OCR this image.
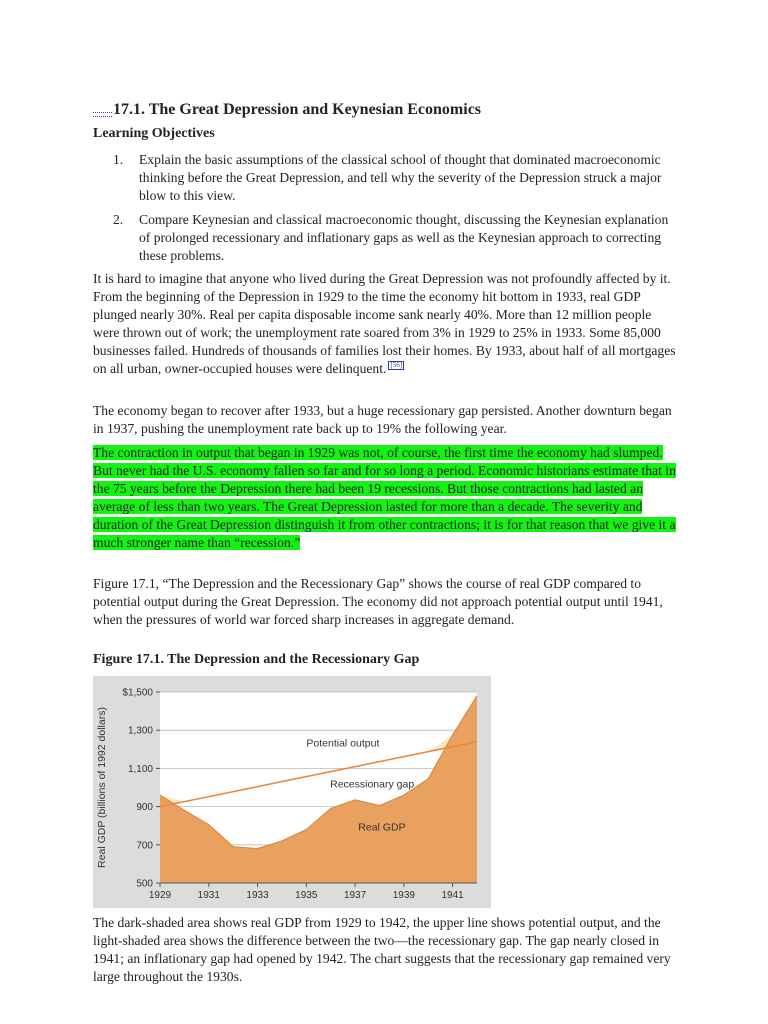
17.1. The Great Depression and Keynesian Economics
Learning Objectives
1. Explain the basic assumptions of the classical school of thought that dominated macroeconomic thinking before the Great Depression, and tell why the severity of the Depression struck a major blow to this view.
2. Compare Keynesian and classical macroeconomic thought, discussing the Keynesian explanation of prolonged recessionary and inflationary gaps as well as the Keynesian approach to correcting these problems.

It is hard to imagine that anyone who lived during the Great Depression was not profoundly affected by it. From the beginning of the Depression in 1929 to the time the economy hit bottom in 1933, real GDP plunged nearly 30%. Real per capita disposable income sank nearly 40%. More than 12 million people were thrown out of work; the unemployment rate soared from 3% in 1929 to 25% in 1933. Some 85,000 businesses failed. Hundreds of thousands of families lost their homes. By 1933, about half of all mortgages on all urban, owner-occupied houses were delinquent. [56]

The economy began to recover after 1933, but a huge recessionary gap persisted. Another downturn began in 1937, pushing the unemployment rate back up to 19% the following year.

The contraction in output that began in 1929 was not, of course, the first time the economy had slumped. But never had the U.S. economy fallen so far and for so long a period. Economic historians estimate that in the 75 years before the Depression there had been 19 recessions. But those contractions had lasted an average of less than two years. The Great Depression lasted for more than a decade. The severity and duration of the Great Depression distinguish it from other contractions; it is for that reason that we give it a much stronger name than “recession.”

Figure 17.1, “The Depression and the Recessionary Gap” shows the course of real GDP compared to potential output during the Great Depression. The economy did not approach potential output until 1941, when the pressures of world war forced sharp increases in aggregate demand.

Figure 17.1. The Depression and the Recessionary Gap
500
700
900
1,100
1,300
$1,500
1929	1931	1933	1935	1937	1939	1941
Potential output
Recessionary gap
Real GDP
Real GDP (billions of 1992 dollars)

The dark-shaded area shows real GDP from 1929 to 1942, the upper line shows potential output, and the light-shaded area shows the difference between the two—the recessionary gap. The gap nearly closed in 1941; an inflationary gap had opened by 1942. The chart suggests that the recessionary gap remained very large throughout the 1930s.
